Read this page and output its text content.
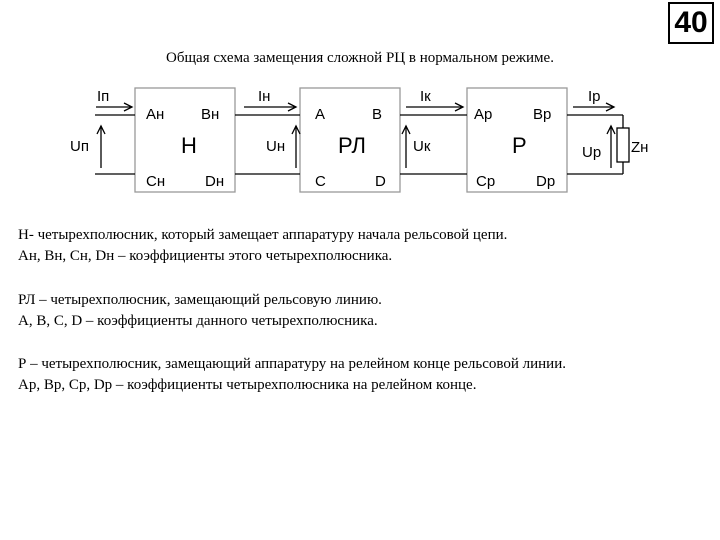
40
Общая схема замещения сложной РЦ в нормальном режиме.
Zн
Iп	Iн	Iк	Iр
Uп	Uн	Uк	Uр
Ан Вн
Н
Сн	Dн
А	В
РЛ
С	D
Ар	Вр
Р
Ср	Dр
Н- четырехполюсник, который замещает аппаратуру начала рельсовой цепи.
Ан, Вн, Сн, Dн – коэффициенты этого четырехполюсника.
РЛ – четырехполюсник, замещающий рельсовую линию.
А, В, С, D – коэффициенты данного четырехполюсника.
Р – четырехполюсник, замещающий аппаратуру на релейном конце рельсовой линии.
Ар, Вр, Ср, Dр – коэффициенты четырехполюсника на релейном конце.
